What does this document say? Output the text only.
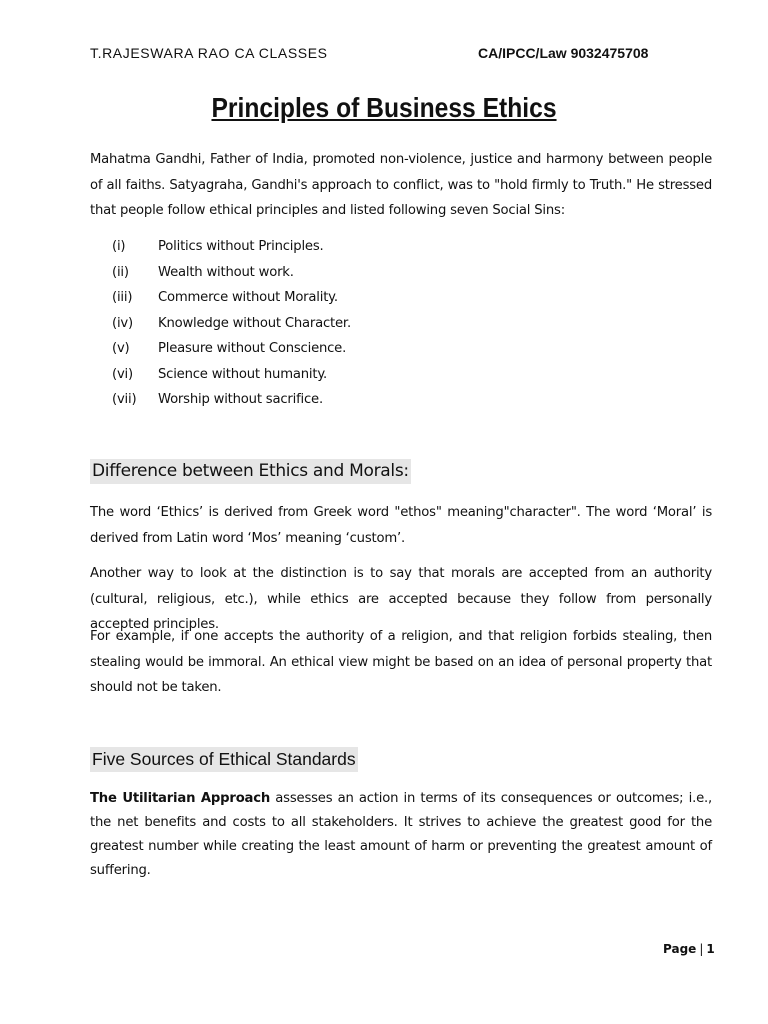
T.RAJESWARA RAO CA CLASSES	CA/IPCC/Law 9032475708
Principles of Business Ethics
Mahatma Gandhi, Father of India, promoted non-violence, justice and harmony between people of all faiths. Satyagraha, Gandhi's approach to conflict, was to "hold firmly to Truth." He stressed that people follow ethical principles and listed following seven Social Sins:
(i) Politics without Principles.
(ii) Wealth without work.
(iii) Commerce without Morality.
(iv) Knowledge without Character.
(v) Pleasure without Conscience.
(vi) Science without humanity.
(vii) Worship without sacrifice.
Difference between Ethics and Morals:
The word ‘Ethics’ is derived from Greek word "ethos" meaning"character". The word ‘Moral’ is derived from Latin word ‘Mos’ meaning ‘custom’.
Another way to look at the distinction is to say that morals are accepted from an authority (cultural, religious, etc.), while ethics are accepted because they follow from personally accepted principles.
For example, if one accepts the authority of a religion, and that religion forbids stealing, then stealing would be immoral. An ethical view might be based on an idea of personal property that should not be taken.
Five Sources of Ethical Standards
The Utilitarian Approach assesses an action in terms of its consequences or outcomes; i.e., the net benefits and costs to all stakeholders. It strives to achieve the greatest good for the greatest number while creating the least amount of harm or preventing the greatest amount of suffering.
Page | 1
